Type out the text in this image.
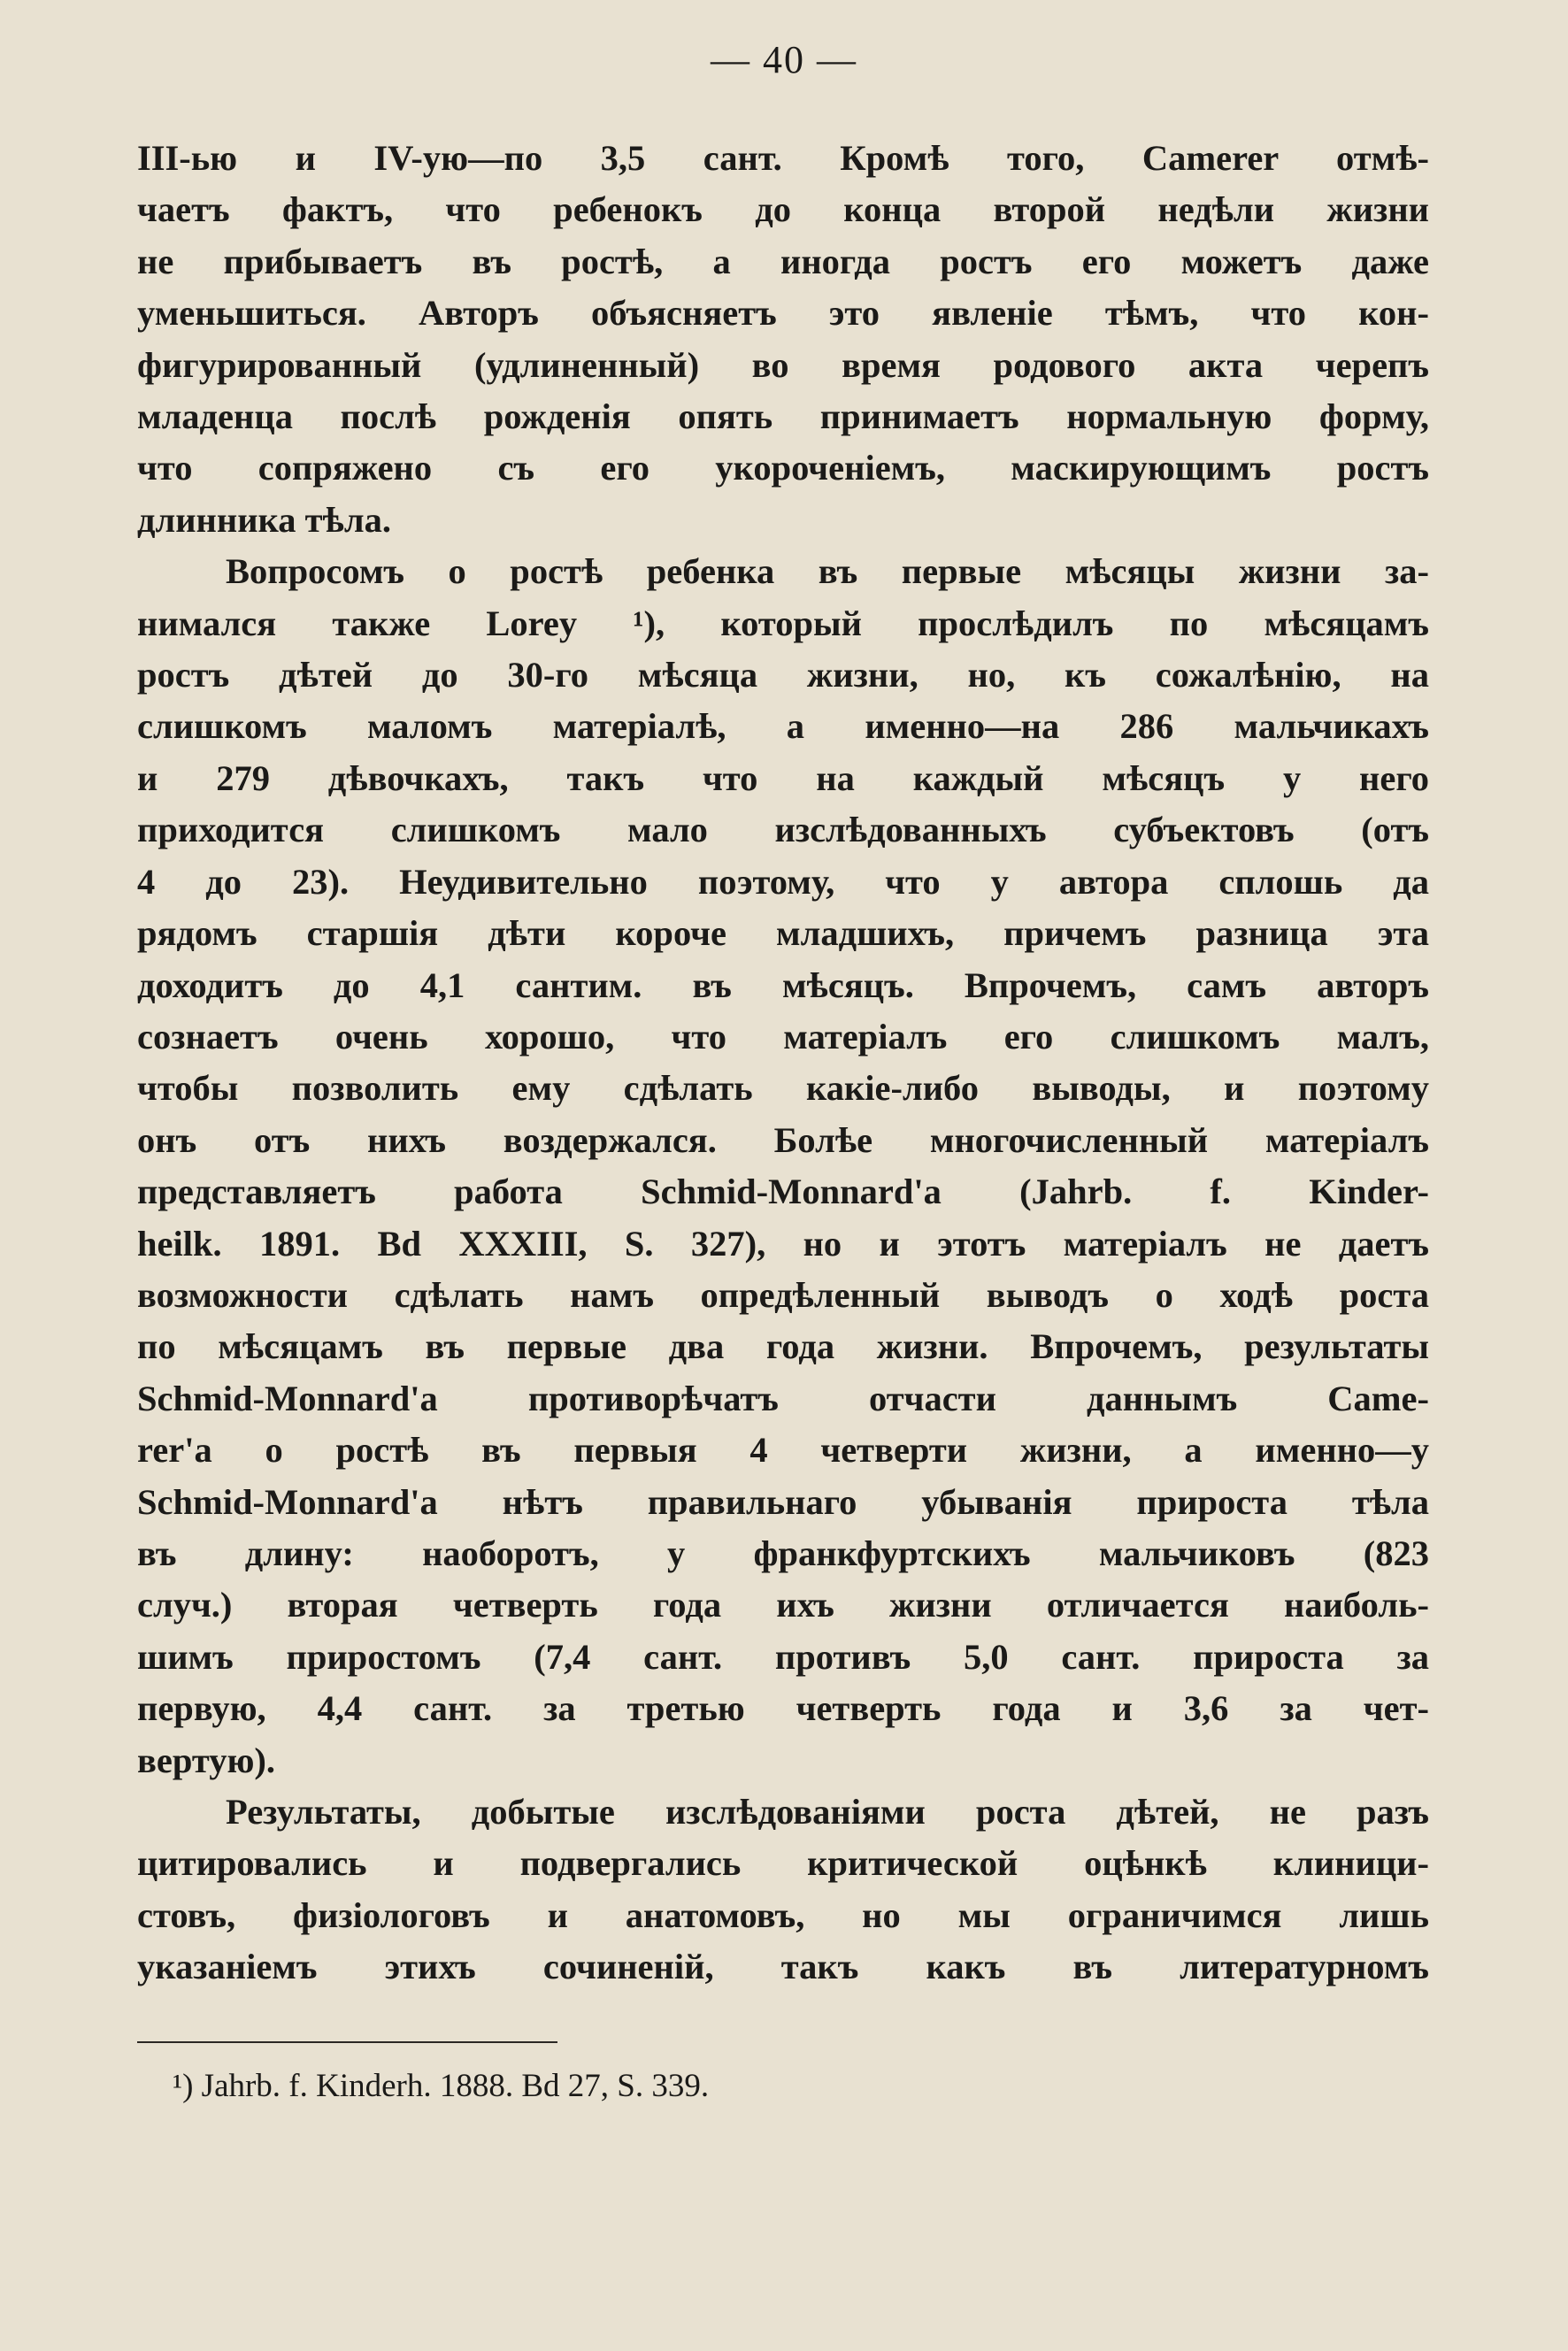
— 40 —
III-ью и IV-ую—по 3,5 сант. Кромѣ того, Camerer отмѣ-
чаетъ фактъ, что ребенокъ до конца второй недѣли жизни
не прибываетъ въ ростѣ, а иногда ростъ его можетъ даже
уменьшиться. Авторъ объясняетъ это явленіе тѣмъ, что кон-
фигурированный (удлиненный) во время родового акта черепъ
младенца послѣ рожденія опять принимаетъ нормальную форму,
что сопряжено съ его укороченіемъ, маскирующимъ ростъ
длинника тѣла.
Вопросомъ о ростѣ ребенка въ первые мѣсяцы жизни за-
нимался также Lorey ¹), который прослѣдилъ по мѣсяцамъ
ростъ дѣтей до 30-го мѣсяца жизни, но, къ сожалѣнію, на
слишкомъ маломъ матеріалѣ, а именно—на 286 мальчикахъ
и 279 дѣвочкахъ, такъ что на каждый мѣсяцъ у него
приходится слишкомъ мало изслѣдованныхъ субъектовъ (отъ
4 до 23). Неудивительно поэтому, что у автора сплошь да
рядомъ старшія дѣти короче младшихъ, причемъ разница эта
доходитъ до 4,1 сантим. въ мѣсяцъ. Впрочемъ, самъ авторъ
сознаетъ очень хорошо, что матеріалъ его слишкомъ малъ,
чтобы позволить ему сдѣлать какіе-либо выводы, и поэтому
онъ отъ нихъ воздержался. Болѣе многочисленный матеріалъ
представляетъ работа Schmid-Monnard'a (Jahrb. f. Kinder-
heilk. 1891. Bd XXXIII, S. 327), но и этотъ матеріалъ не даетъ
возможности сдѣлать намъ опредѣленный выводъ о ходѣ роста
по мѣсяцамъ въ первые два года жизни. Впрочемъ, результаты
Schmid-Monnard'a противорѣчатъ отчасти даннымъ Came-
rer'a о ростѣ въ первыя 4 четверти жизни, а именно—у
Schmid-Monnard'a нѣтъ правильнаго убыванія прироста тѣла
въ длину: наоборотъ, у франкфуртскихъ мальчиковъ (823
случ.) вторая четверть года ихъ жизни отличается наиболь-
шимъ приростомъ (7,4 сант. противъ 5,0 сант. прироста за
первую, 4,4 сант. за третью четверть года и 3,6 за чет-
вертую).
Результаты, добытые изслѣдованіями роста дѣтей, не разъ
цитировались и подвергались критической оцѣнкѣ клиници-
стовъ, физіологовъ и анатомовъ, но мы ограничимся лишь
указаніемъ этихъ сочиненій, такъ какъ въ литературномъ
¹) Jahrb. f. Kinderh. 1888. Bd 27, S. 339.
